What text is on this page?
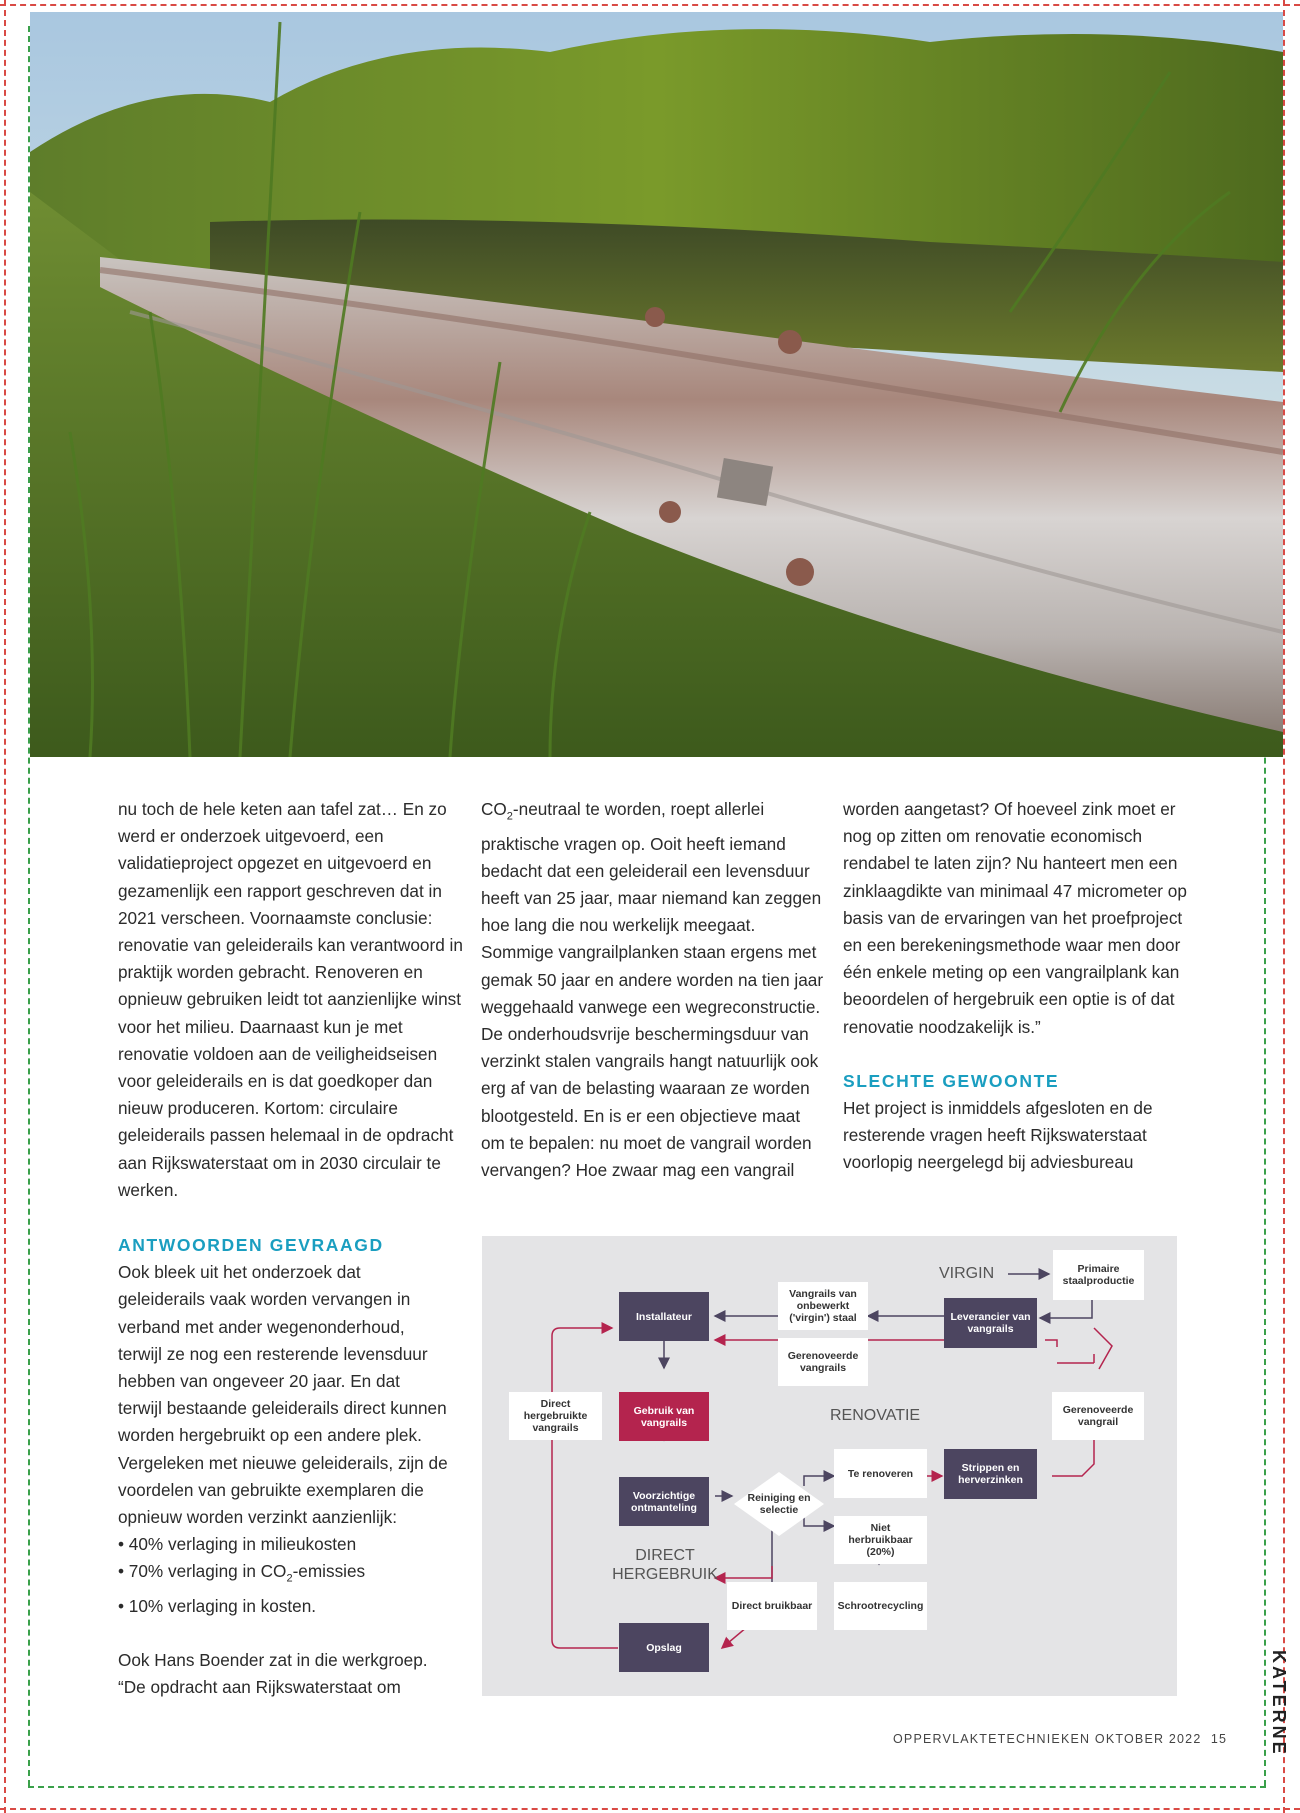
KATERNE

nu toch de hele keten aan tafel zat… En zo werd er onderzoek uitgevoerd, een validatieproject opgezet en uitgevoerd en gezamenlijk een rapport geschreven dat in 2021 verscheen. Voornaamste conclusie: renovatie van geleiderails kan verantwoord in praktijk worden gebracht. Renoveren en opnieuw gebruiken leidt tot aanzienlijke winst voor het milieu. Daarnaast kun je met renovatie voldoen aan de veiligheidseisen voor geleiderails en is dat goedkoper dan nieuw produceren. Kortom: circulaire geleiderails passen helemaal in de opdracht aan Rijkswaterstaat om in 2030 circulair te werken.

$CO_2$-neutraal te worden, roept allerlei praktische vragen op. Ooit heeft iemand bedacht dat een geleiderail een levensduur heeft van 25 jaar, maar niemand kan zeggen hoe lang die nou werkelijk meegaat. Sommige vangrailplanken staan ergens met gemak 50 jaar en andere worden na tien jaar weggehaald vanwege een wegreconstructie. De onderhoudsvrije beschermingsduur van verzinkt stalen vangrails hangt natuurlijk ook erg af van de belasting waaraan ze worden blootgesteld. En is er een objectieve maat om te bepalen: nu moet de vangrail worden vervangen? Hoe zwaar mag een vangrail

worden aangetast? Of hoeveel zink moet er nog op zitten om renovatie economisch rendabel te laten zijn? Nu hanteert men een zinklaagdikte van minimaal 47 micrometer op basis van de ervaringen van het proefproject en een berekeningsmethode waar men door één enkele meting op een vangrailplank kan beoordelen of hergebruik een optie is of dat renovatie noodzakelijk is.”

SLECHTE GEWOONTE

Het project is inmiddels afgesloten en de resterende vragen heeft Rijkswaterstaat voorlopig neergelegd bij adviesbureau

ANTWOORDEN GEVRAAGD

Ook bleek uit het onderzoek dat geleiderails vaak worden vervangen in verband met ander wegenonderhoud, terwijl ze nog een resterende levensduur hebben van ongeveer 20 jaar. En dat terwijl bestaande geleiderails direct kunnen worden hergebruikt op een andere plek. Vergeleken met nieuwe geleiderails, zijn de voordelen van gebruikte exemplaren die opnieuw worden verzinkt aanzienlijk:

• 40% verlaging in milieukosten
• 70% verlaging in $CO_2$-emissies
• 10% verlaging in kosten.

Ook Hans Boender zat in die werkgroep. “De opdracht aan Rijkswaterstaat om

VIRGIN
RENOVATIE
DIRECT
HERGEBRUIK
Primaire staalproductie
Vangrails van onbewerkt ('virgin') staal
Installateur	Leverancier van vangrails
Gerenoveerde vangrails
Gerenoveerde vangrail
Direct hergebruikte vangrails
Gebruik van vangrails
Te renoveren	Strippen en herverzinken
Voorzichtige ontmanteling
Reiniging en selectie
Niet herbruikbaar (20%)
Direct bruikbaar	Schrootrecycling
Opslag
OPPERVLAKTETECHNIEKEN OKTOBER 2022 15
